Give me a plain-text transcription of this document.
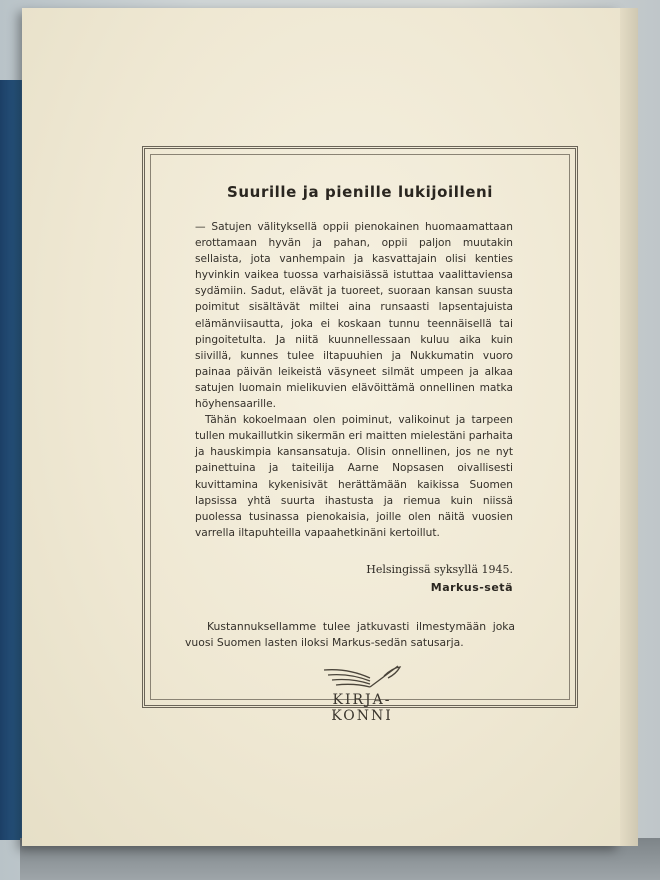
Suurille ja pienille lukijoilleni

— Satujen välityksellä oppii pienokainen huomaamattaan erottamaan hyvän ja pahan, oppii paljon muutakin sellaista, jota vanhempain ja kasvattajain olisi kenties hyvinkin vaikea tuossa varhaisiässä istuttaa vaalittaviensa sydämiin. Sadut, elävät ja tuoreet, suoraan kansan suusta poimitut sisältävät miltei aina runsaasti lapsentajuista elämänviisautta, joka ei koskaan tunnu teennäisellä tai pingoitetulta. Ja niitä kuunnellessaan kuluu aika kuin siivillä, kunnes tulee iltapuuhien ja Nukkumatin vuoro painaa päivän leikeistä väsyneet silmät umpeen ja alkaa satujen luomain mielikuvien elävöittämä onnellinen matka höyhensaarille.

Tähän kokoelmaan olen poiminut, valikoinut ja tarpeen tullen mukaillutkin sikermän eri maitten mielestäni parhaita ja hauskimpia kansansatuja. Olisin onnellinen, jos ne nyt painettuina ja taiteilija Aarne Nopsasen oivallisesti kuvittamina kykenisivät herättämään kaikissa Suomen lapsissa yhtä suurta ihastusta ja riemua kuin niissä puolessa tusinassa pienokaisia, joille olen näitä vuosien varrella iltapuhteilla vapaahetkinäni kertoillut.

Helsingissä syksyllä 1945.
Markus-setä
Kustannuksellamme tulee jatkuvasti ilmestymään joka vuosi Suomen lasten iloksi Markus-sedän satusarja.
KIRJA-
KONNI
